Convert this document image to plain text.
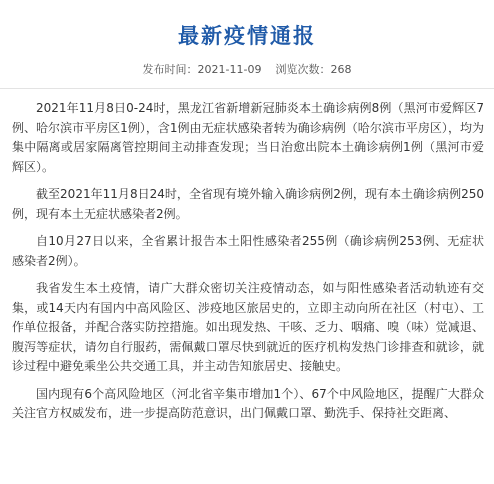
最新疫情通报
发布时间：2021-11-09 浏览次数：268

2021年11月8日0-24时，黑龙江省新增新冠肺炎本土确诊病例8例（黑河市爱辉区7例、哈尔滨市平房区1例），含1例由无症状感染者转为确诊病例（哈尔滨市平房区），均为集中隔离或居家隔离管控期间主动排查发现；当日治愈出院本土确诊病例1例（黑河市爱辉区）。

截至2021年11月8日24时，全省现有境外输入确诊病例2例，现有本土确诊病例250例，现有本土无症状感染者2例。

自10月27日以来，全省累计报告本土阳性感染者255例（确诊病例253例、无症状感染者2例）。

我省发生本土疫情，请广大群众密切关注疫情动态，如与阳性感染者活动轨迹有交集，或14天内有国内中高风险区、涉疫地区旅居史的，立即主动向所在社区（村屯）、工作单位报备，并配合落实防控措施。如出现发热、干咳、乏力、咽痛、嗅（味）觉减退、腹泻等症状，请勿自行服药，需佩戴口罩尽快到就近的医疗机构发热门诊排查和就诊，就诊过程中避免乘坐公共交通工具，并主动告知旅居史、接触史。

国内现有6个高风险地区（河北省辛集市增加1个）、67个中风险地区，提醒广大群众关注官方权威发布，进一步提高防范意识，出门佩戴口罩、勤洗手、保持社交距离、
